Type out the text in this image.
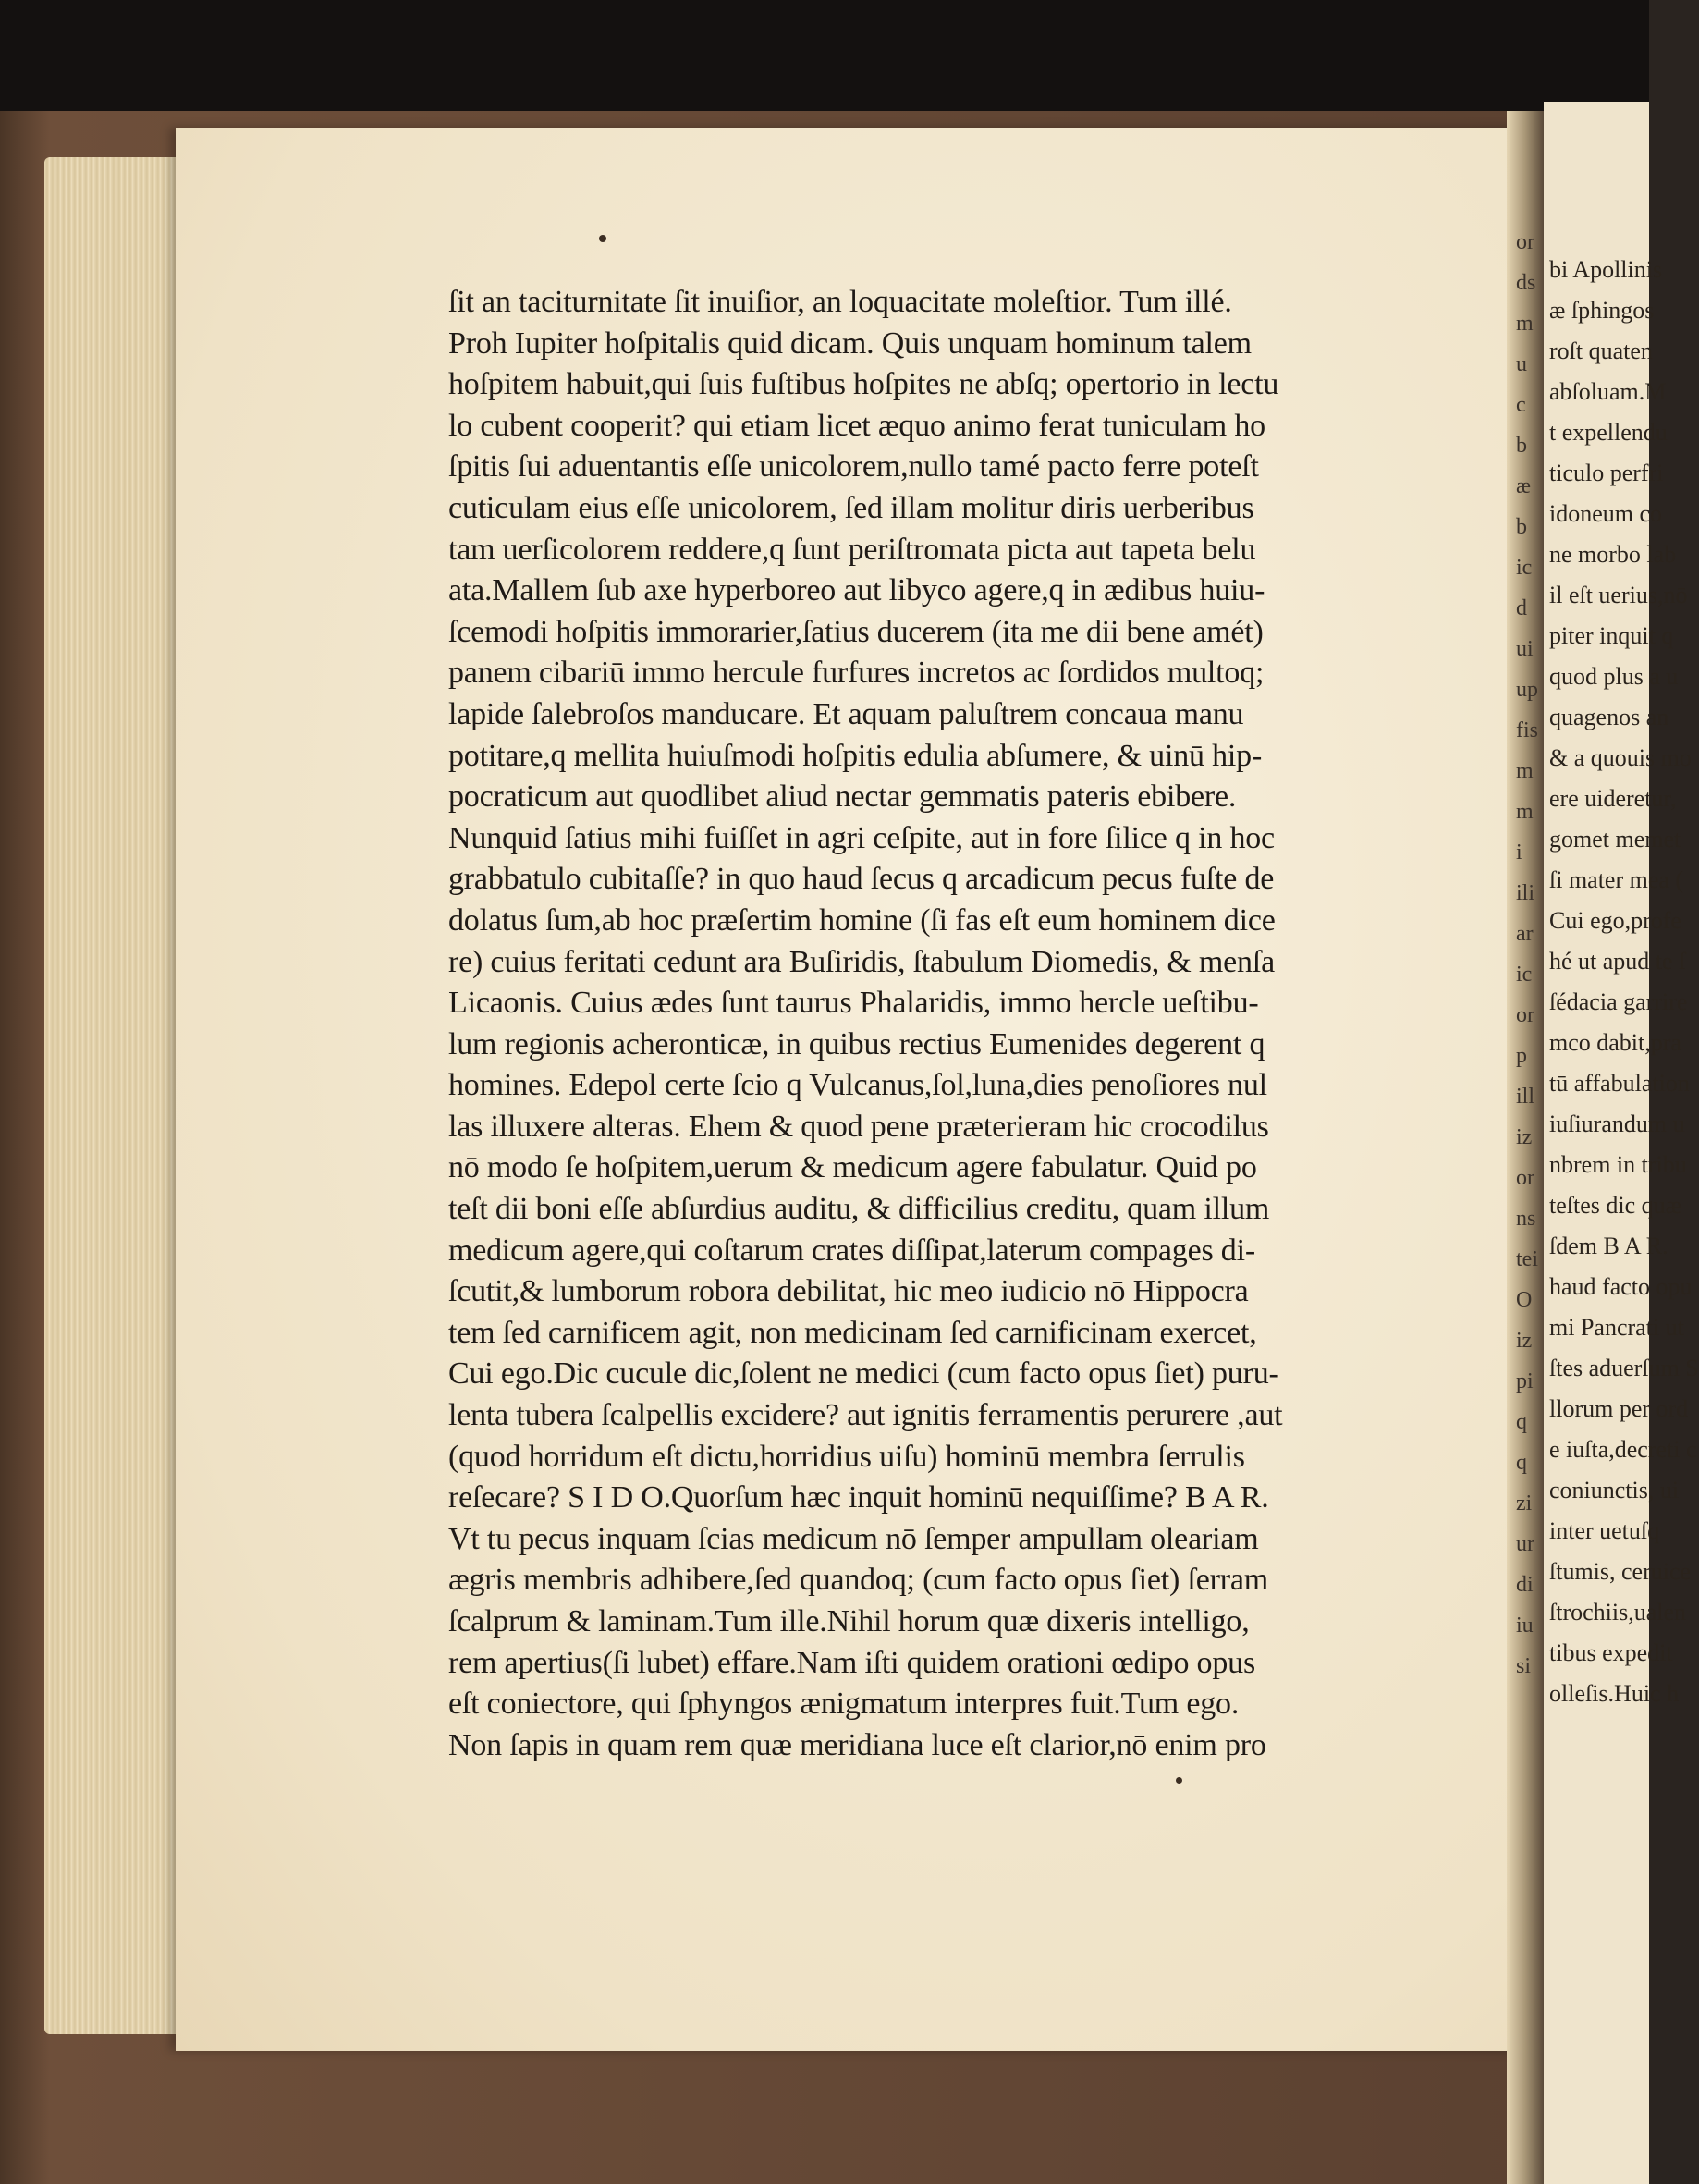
or
ds
m
u
c
b
æ
b
ic
d
ui
up
fis
m
m
i
ili
ar
ic
or
p
ill
iz
or
ns
tei
O
iz
pi
q
q
zi
ur
di
iu
si
bi Apollinis
æ ſphingos
roſt quaten
abſoluam.M
t expellendu
ticulo perfri
idoneum co
ne morbo lab
il eſt uerius,nō
piter inquit q
quod plus a u
quagenos an
& a quouis mo
ere uideretur,
gomet memet
ſi mater mea (
Cui ego,profe
hé ut apud te ſ
ſédacia garrire
mco dabit,pra
tū affabulation
iuſiurandum u
nbrem in tribu
teſtes dic quæ
ſdem B A R.
haud facto opu
mi Pancrati ut
ſtes aduerſum S
llorum per ord
e iuſta,decreti c
coniunctis, ui
inter uetuſq
ſtumis, ceruice
ſtrochiis,ualen
tibus expedit
olleſis.Huic h
ſit an taciturnitate ſit inuiſior, an loquacitate moleſtior. Tum illé.
Proh Iupiter hoſpitalis quid dicam. Quis unquam hominum talem
hoſpitem habuit,qui ſuis fuſtibus hoſpites ne abſq; opertorio in lectu
lo cubent cooperit? qui etiam licet æquo animo ferat tuniculam ho
ſpitis ſui aduentantis eſſe unicolorem,nullo tamé pacto ferre poteſt
cuticulam eius eſſe unicolorem, ſed illam molitur diris uerberibus
tam uerſicolorem reddere,q ſunt periſtromata picta aut tapeta belu
ata.Mallem ſub axe hyperboreo aut libyco agere,q in ædibus huiu-
ſcemodi hoſpitis immorarier,ſatius ducerem (ita me dii bene amét)
panem cibariū immo hercule furfures incretos ac ſordidos multoq;
lapide ſalebroſos manducare. Et aquam paluſtrem concaua manu
potitare,q mellita huiuſmodi hoſpitis edulia abſumere, & uinū hip-
pocraticum aut quodlibet aliud nectar gemmatis pateris ebibere.
Nunquid ſatius mihi fuiſſet in agri ceſpite, aut in fore ſilice q in hoc
grabbatulo cubitaſſe? in quo haud ſecus q arcadicum pecus fuſte de
dolatus ſum,ab hoc præſertim homine (ſi fas eſt eum hominem dice
re) cuius feritati cedunt ara Buſiridis, ſtabulum Diomedis, & menſa
Licaonis. Cuius ædes ſunt taurus Phalaridis, immo hercle ueſtibu-
lum regionis acheronticæ, in quibus rectius Eumenides degerent q
homines. Edepol certe ſcio q Vulcanus,ſol,luna,dies penoſiores nul
las illuxere alteras. Ehem & quod pene præterieram hic crocodilus
nō modo ſe hoſpitem,uerum & medicum agere fabulatur. Quid po
teſt dii boni eſſe abſurdius auditu, & difficilius creditu, quam illum
medicum agere,qui coſtarum crates diſſipat,laterum compages di-
ſcutit,& lumborum robora debilitat, hic meo iudicio nō Hippocra
tem ſed carnificem agit, non medicinam ſed carnificinam exercet,
Cui ego.Dic cucule dic,ſolent ne medici (cum facto opus ſiet) puru-
lenta tubera ſcalpellis excidere? aut ignitis ferramentis perurere ,aut
(quod horridum eſt dictu,horridius uiſu) hominū membra ſerrulis
reſecare? S I D O.Quorſum hæc inquit hominū nequiſſime? B A R.
Vt tu pecus inquam ſcias medicum nō ſemper ampullam oleariam
ægris membris adhibere,ſed quandoq; (cum facto opus ſiet) ſerram
ſcalprum & laminam.Tum ille.Nihil horum quæ dixeris intelligo,
rem apertius(ſi lubet) effare.Nam iſti quidem orationi œdipo opus
eſt coniectore, qui ſphyngos ænigmatum interpres fuit.Tum ego.
Non ſapis in quam rem quæ meridiana luce eſt clarior,nō enim pro
